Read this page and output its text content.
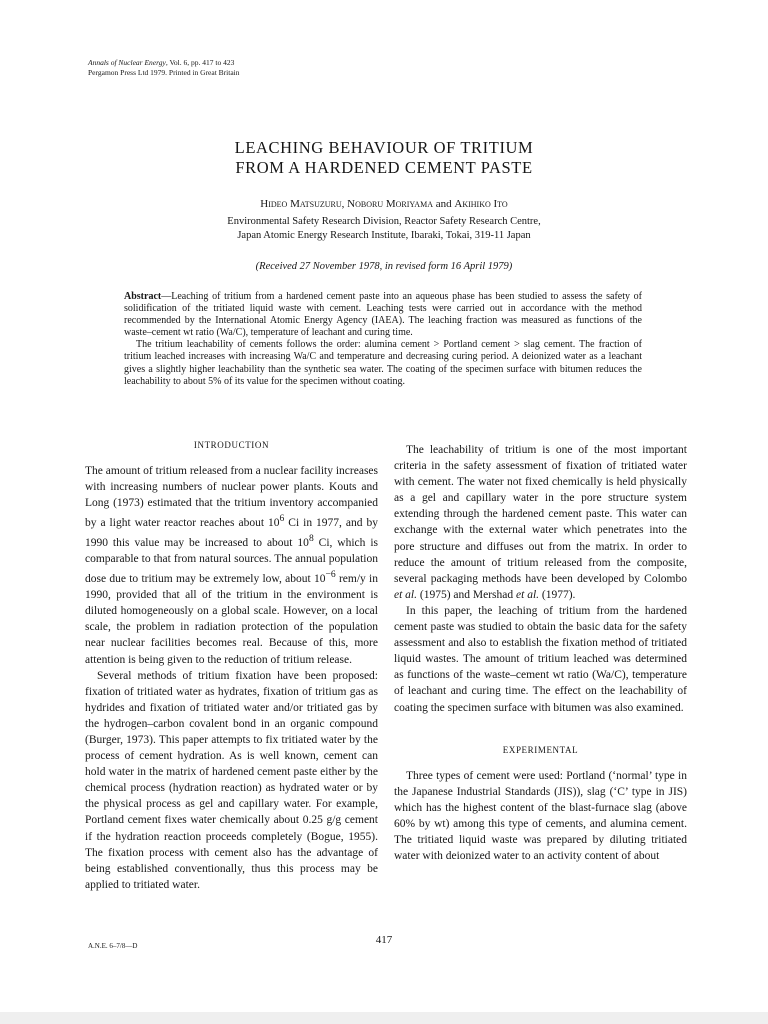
Annals of Nuclear Energy, Vol. 6, pp. 417 to 423
Pergamon Press Ltd 1979. Printed in Great Britain
LEACHING BEHAVIOUR OF TRITIUM
FROM A HARDENED CEMENT PASTE
Hideo Matsuzuru, Noboru Moriyama and Akihiko Ito
Environmental Safety Research Division, Reactor Safety Research Centre,
Japan Atomic Energy Research Institute, Ibaraki, Tokai, 319-11 Japan
(Received 27 November 1978, in revised form 16 April 1979)

Abstract—Leaching of tritium from a hardened cement paste into an aqueous phase has been studied to assess the safety of solidification of the tritiated liquid waste with cement. Leaching tests were carried out in accordance with the method recommended by the International Atomic Energy Agency (IAEA). The leaching fraction was measured as functions of the waste–cement wt ratio (Wa/C), temperature of leachant and curing time.

The tritium leachability of cements follows the order: alumina cement > Portland cement > slag cement. The fraction of tritium leached increases with increasing Wa/C and temperature and decreasing curing period. A deionized water as a leachant gives a slightly higher leachability than the synthetic sea water. The coating of the specimen surface with bitumen reduces the leachability to about 5% of its value for the specimen without coating.

INTRODUCTION

The amount of tritium released from a nuclear facility increases with increasing numbers of nuclear power plants. Kouts and Long (1973) estimated that the tritium inventory accompanied by a light water reactor reaches about $10^6$ Ci in 1977, and by 1990 this value may be increased to about $10^8$ Ci, which is comparable to that from natural sources. The annual population dose due to tritium may be extremely low, about $10^{-6}$ rem/y in 1990, provided that all of the tritium in the environment is diluted homogeneously on a global scale. However, on a local scale, the problem in radiation protection of the population near nuclear facilities becomes real. Because of this, more attention is being given to the reduction of tritium release.

Several methods of tritium fixation have been proposed: fixation of tritiated water as hydrates, fixation of tritium gas as hydrides and fixation of tritiated water and/or tritiated gas by the hydrogen–carbon covalent bond in an organic compound (Burger, 1973). This paper attempts to fix tritiated water by the process of cement hydration. As is well known, cement can hold water in the matrix of hardened cement paste either by the chemical process (hydration reaction) as hydrated water or by the physical process as gel and capillary water. For example, Portland cement fixes water chemically about 0.25 g/g cement if the hydration reaction proceeds completely (Bogue, 1955). The fixation process with cement also has the advantage of being established conventionally, thus this process may be applied to tritiated water.

The leachability of tritium is one of the most important criteria in the safety assessment of fixation of tritiated water with cement. The water not fixed chemically is held physically as a gel and capillary water in the pore structure system extending through the hardened cement paste. This water can exchange with the external water which penetrates into the pore structure and diffuses out from the matrix. In order to reduce the amount of tritium released from the composite, several packaging methods have been developed by Colombo et al. (1975) and Mershad et al. (1977).

In this paper, the leaching of tritium from the hardened cement paste was studied to obtain the basic data for the safety assessment and also to establish the fixation method of tritiated liquid wastes. The amount of tritium leached was determined as functions of the waste–cement wt ratio (Wa/C), temperature of leachant and curing time. The effect on the leachability of coating the specimen surface with bitumen was also examined.

EXPERIMENTAL

Three types of cement were used: Portland (‘normal’ type in the Japanese Industrial Standards (JIS)), slag (‘C’ type in JIS) which has the highest content of the blast-furnace slag (above 60% by wt) among this type of cements, and alumina cement. The tritiated liquid waste was prepared by diluting tritiated water with deionized water to an activity content of about

A.N.E. 6–7/8—D	417
